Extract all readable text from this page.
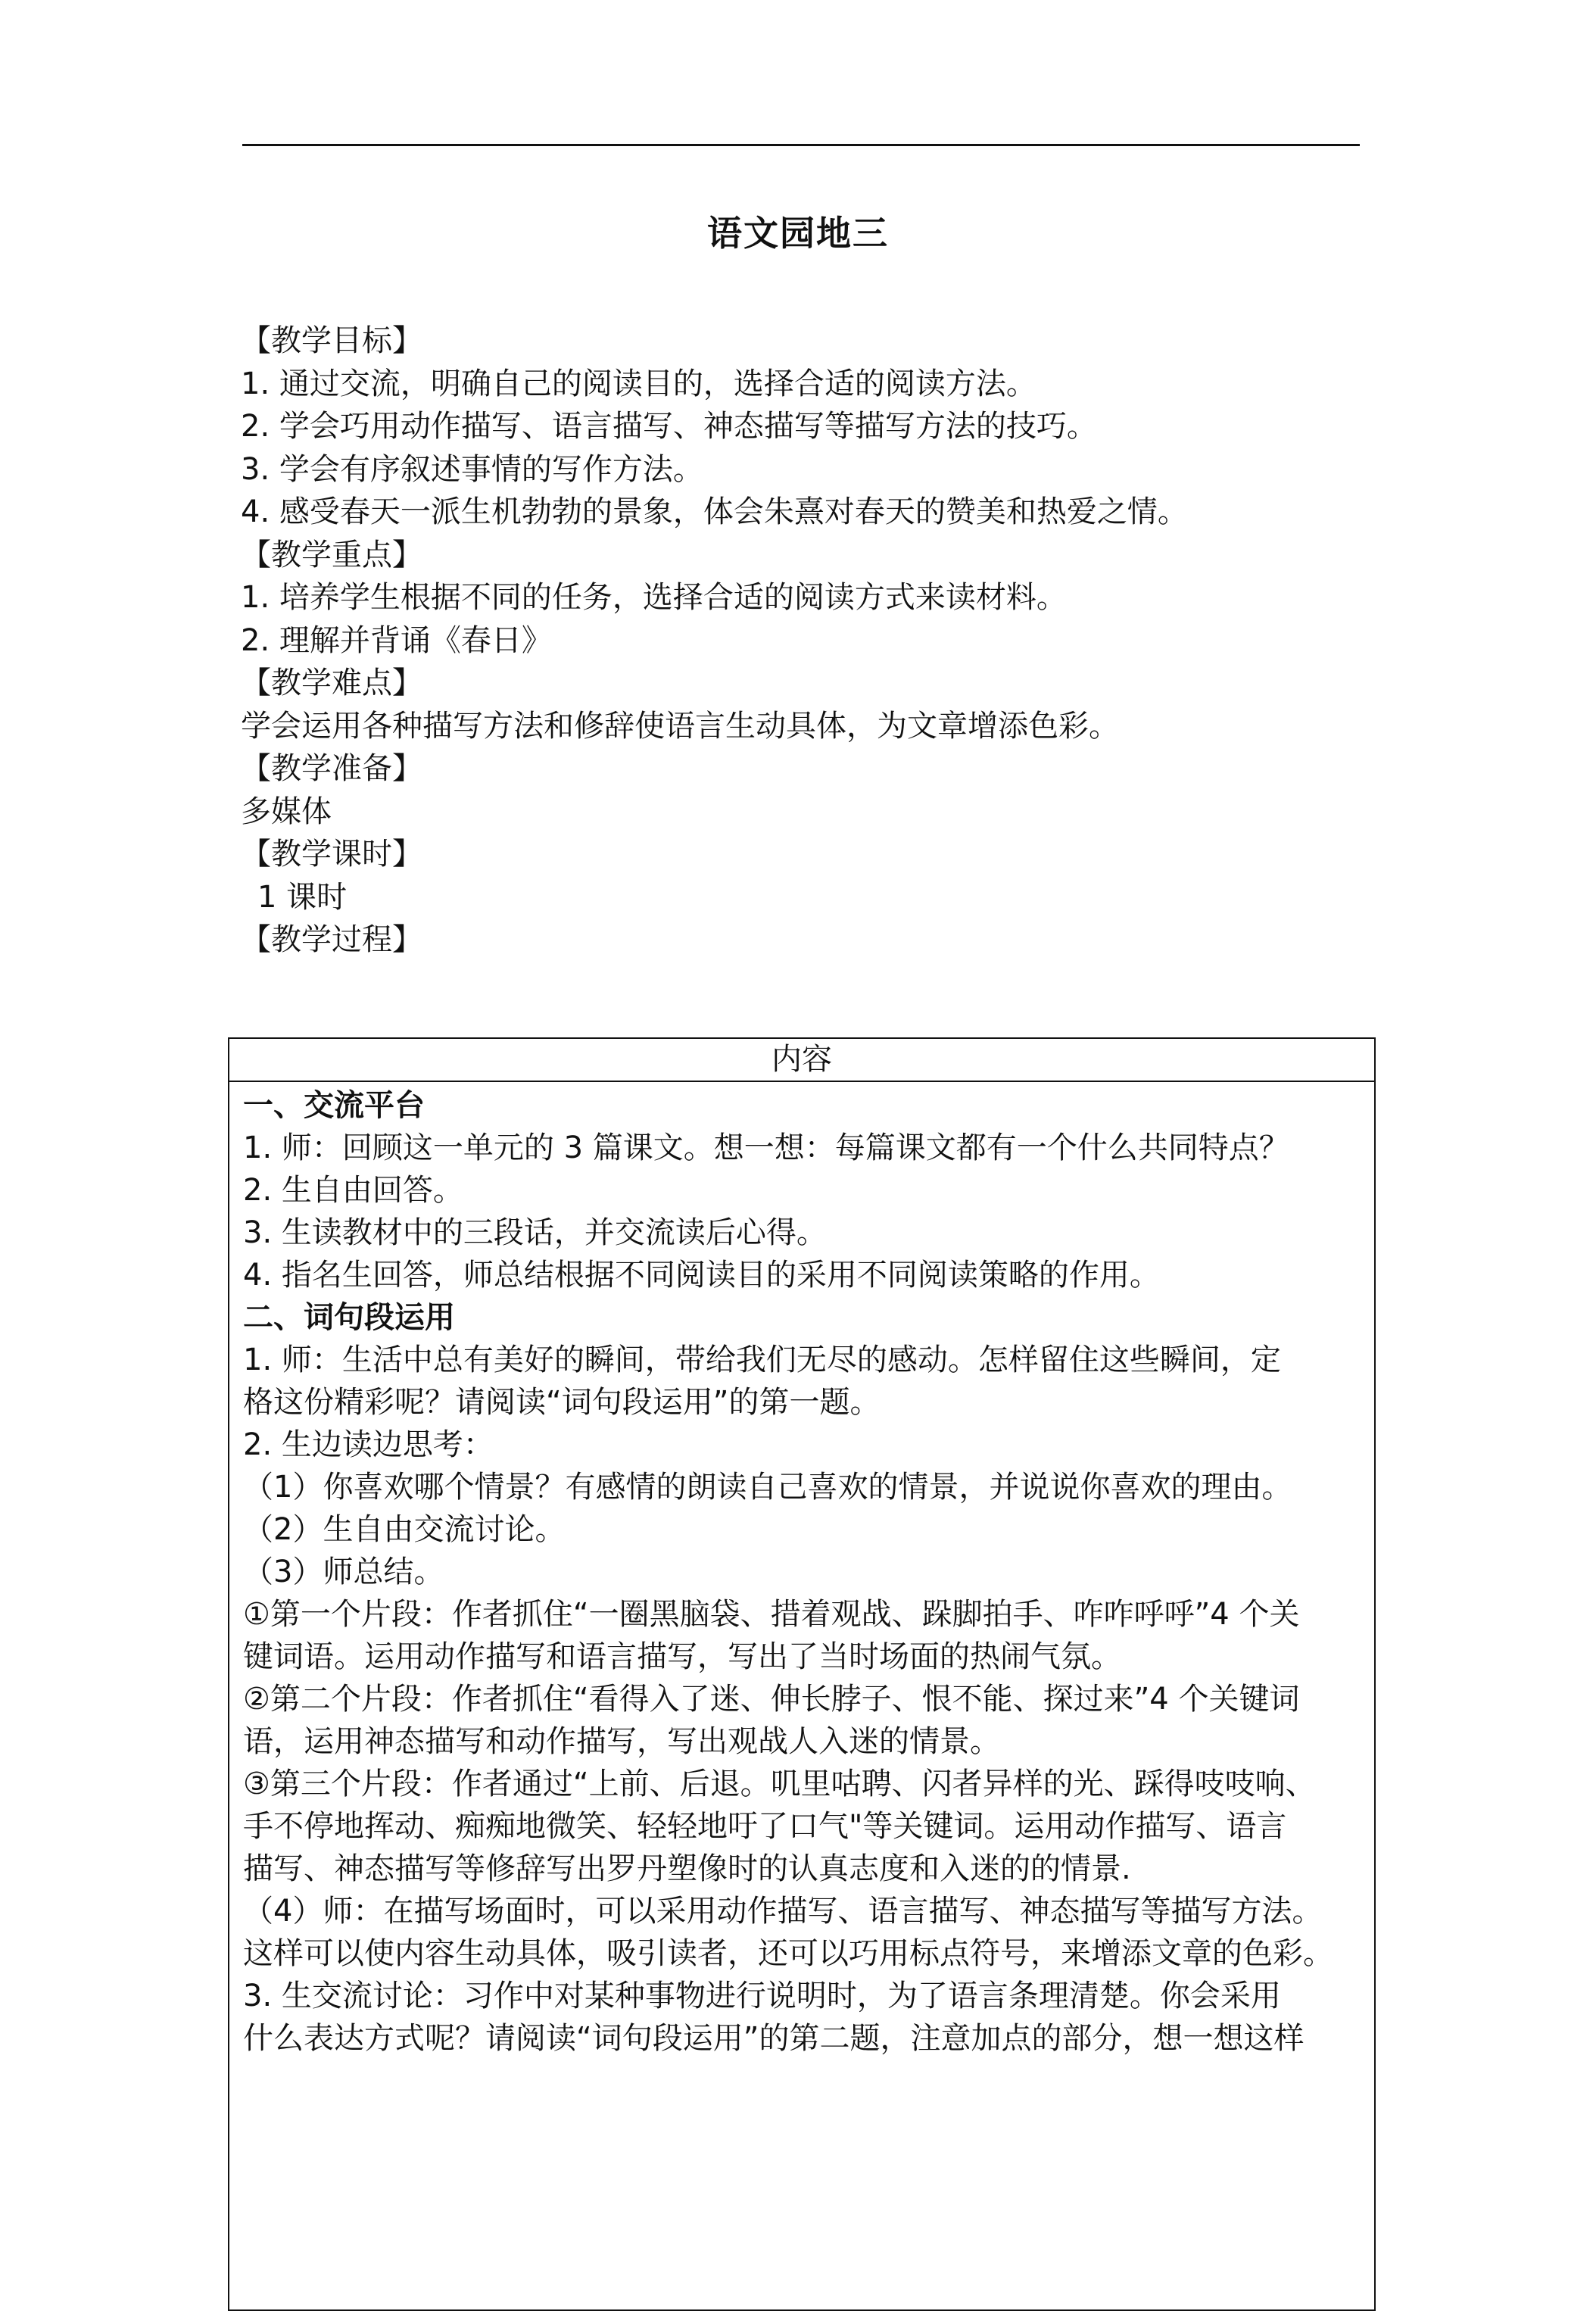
语文园地三
【教学目标】
1. 通过交流，明确自己的阅读目的，选择合适的阅读方法。
2. 学会巧用动作描写、语言描写、神态描写等描写方法的技巧。
3. 学会有序叙述事情的写作方法。
4. 感受春天一派生机勃勃的景象，体会朱熹对春天的赞美和热爱之情。
【教学重点】
1. 培养学生根据不同的任务，选择合适的阅读方式来读材料。
2. 理解并背诵《春日》
【教学难点】
学会运用各种描写方法和修辞使语言生动具体，为文章增添色彩。
【教学准备】
多媒体
【教学课时】
1 课时
【教学过程】
内容
一、交流平台
1. 师：回顾这一单元的 3 篇课文。想一想：每篇课文都有一个什么共同特点？
2. 生自由回答。
3. 生读教材中的三段话，并交流读后心得。
4. 指名生回答，师总结根据不同阅读目的采用不同阅读策略的作用。
二、词句段运用
1. 师：生活中总有美好的瞬间，带给我们无尽的感动。怎样留住这些瞬间，定
格这份精彩呢？请阅读“词句段运用”的第一题。
2. 生边读边思考：
（1）你喜欢哪个情景？有感情的朗读自己喜欢的情景，并说说你喜欢的理由。
（2）生自由交流讨论。
（3）师总结。
①第一个片段：作者抓住“一圈黑脑袋、措着观战、跺脚拍手、咋咋呼呼”4 个关
键词语。运用动作描写和语言描写，写出了当时场面的热闹气氛。
②第二个片段：作者抓住“看得入了迷、伸长脖子、恨不能、探过来”4 个关键词
语，运用神态描写和动作描写，写出观战人入迷的情景。
③第三个片段：作者通过“上前、后退。叽里咕聘、闪者异样的光、踩得吱吱响、
手不停地挥动、痴痴地微笑、轻轻地吁了口气"等关键词。运用动作描写、语言
描写、神态描写等修辞写出罗丹塑像时的认真志度和入迷的的情景.
（4）师：在描写场面时，可以采用动作描写、语言描写、神态描写等描写方法。
这样可以使内容生动具体，吸引读者，还可以巧用标点符号，来增添文章的色彩。
3. 生交流讨论：习作中对某种事物进行说明时，为了语言条理清楚。你会采用
什么表达方式呢？请阅读“词句段运用”的第二题，注意加点的部分，想一想这样
